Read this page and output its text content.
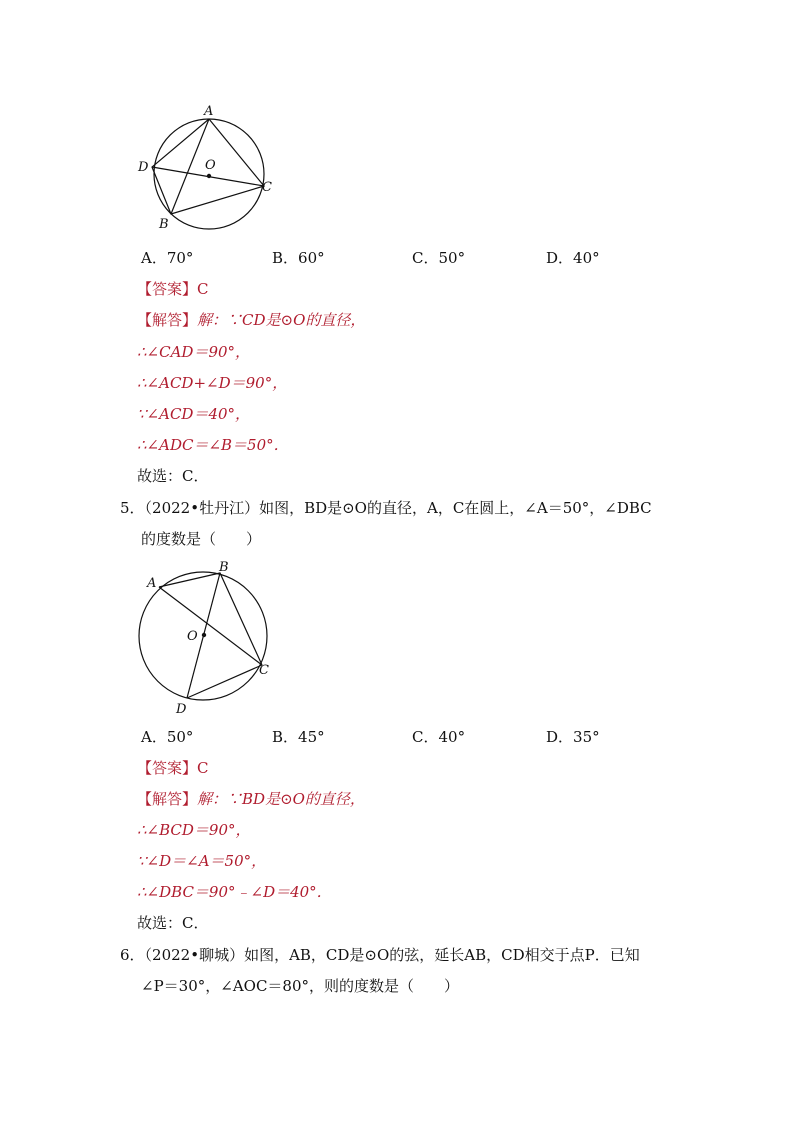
A
D	O
C
B
A．70°	B．60°	C．50°	D．40°
【答案】C
【解答】解：∵CD是⊙O的直径，
∴∠CAD＝90°，
∴∠ACD+∠D＝90°，
∵∠ACD＝40°，
∴∠ADC＝∠B＝50°．
故选：C．
5．（2022•牡丹江）如图，BD是⊙O的直径，A，C在圆上，∠A＝50°，∠DBC
的度数是（　　）
A
B
O
C
D
A．50°	B．45°	C．40°	D．35°
【答案】C
【解答】解：∵BD是⊙O的直径，
∴∠BCD＝90°，
∵∠D＝∠A＝50°，
∴∠DBC＝90°﹣∠D＝40°．
故选：C．
6．（2022•聊城）如图，AB，CD是⊙O的弦，延长AB，CD相交于点P．已知
∠P＝30°，∠AOC＝80°，则的度数是（　　）
